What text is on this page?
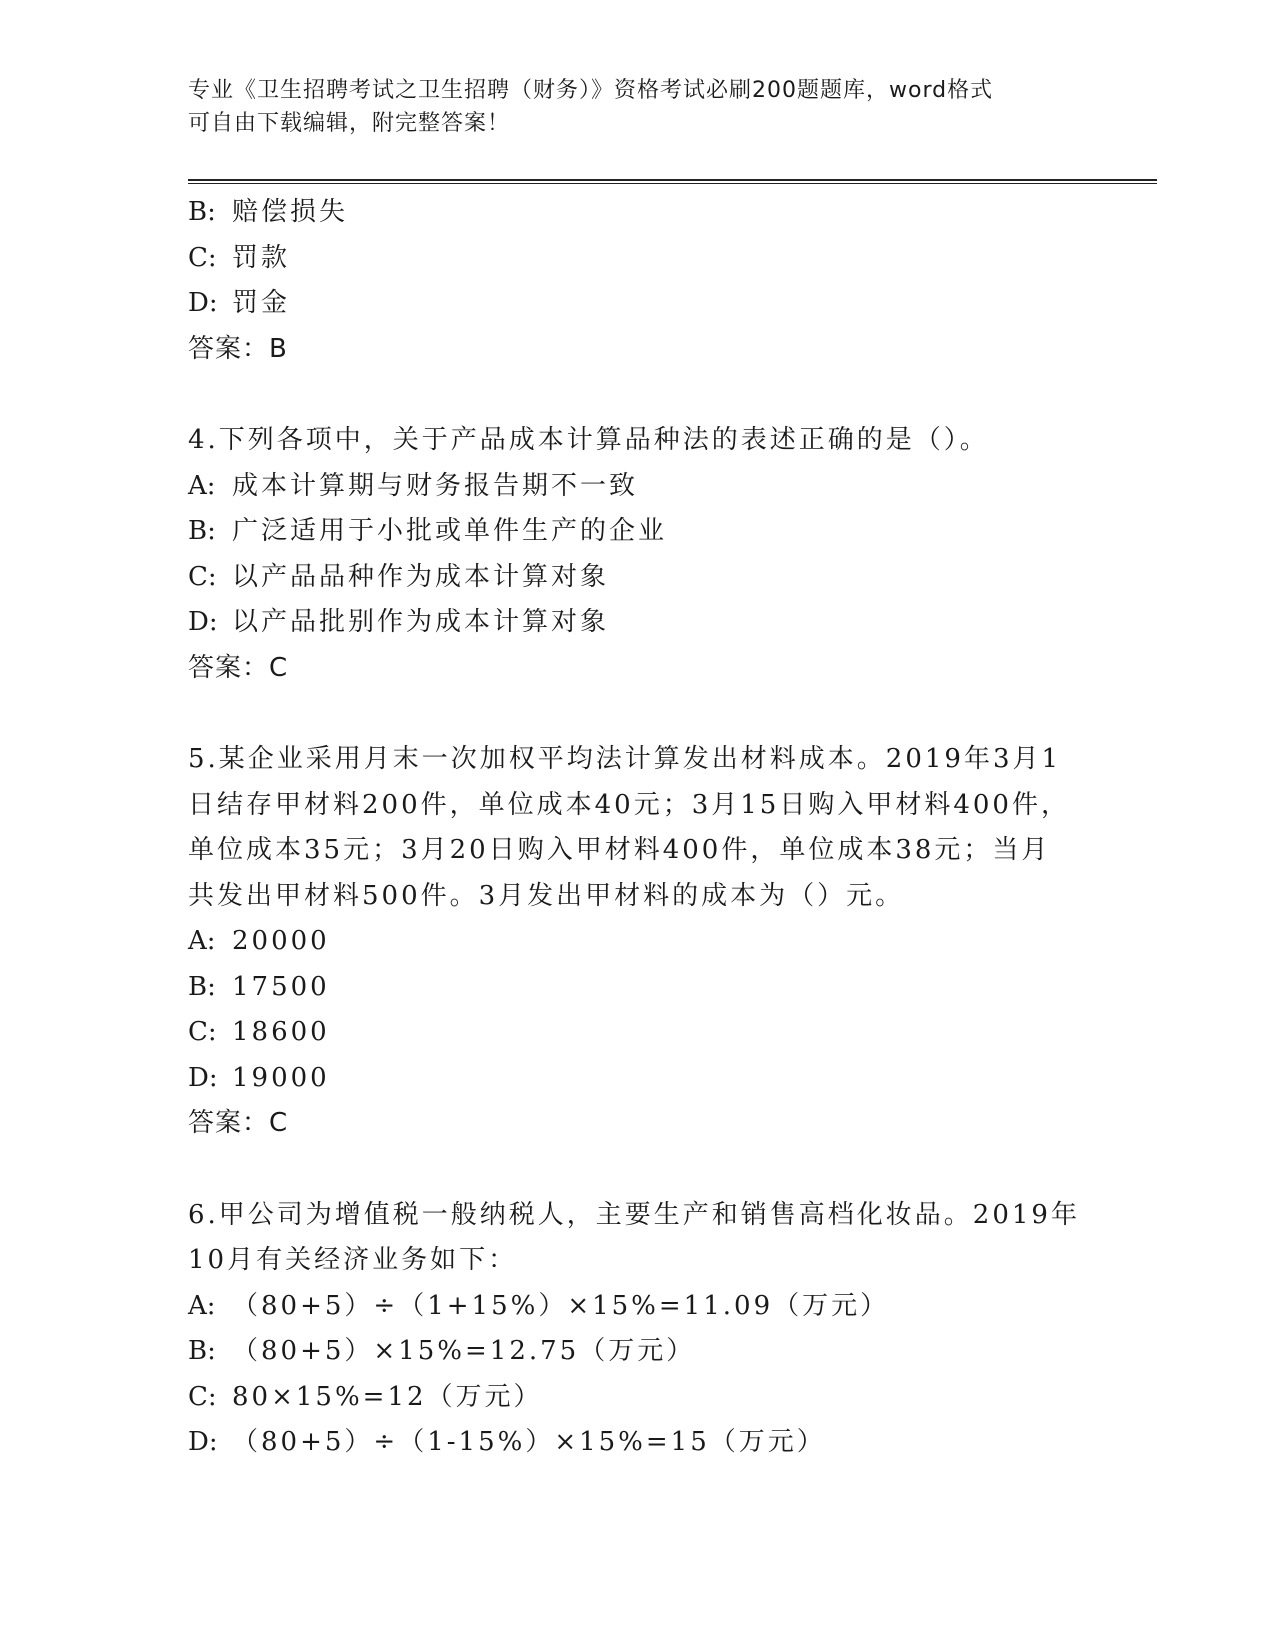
专业《卫生招聘考试之卫生招聘（财务）》资格考试必刷200题题库，word格式
可自由下载编辑，附完整答案！
B: 赔偿损失
C: 罚款
D: 罚金
答案：B
4.下列各项中，关于产品成本计算品种法的表述正确的是（）。
A: 成本计算期与财务报告期不一致
B: 广泛适用于小批或单件生产的企业
C: 以产品品种作为成本计算对象
D: 以产品批别作为成本计算对象
答案：C
5.某企业采用月末一次加权平均法计算发出材料成本。2019年3月1
日结存甲材料200件，单位成本40元；3月15日购入甲材料400件，
单位成本35元；3月20日购入甲材料400件，单位成本38元；当月
共发出甲材料500件。3月发出甲材料的成本为（）元。
A: 20000
B: 17500
C: 18600
D: 19000
答案：C
6.甲公司为增值税一般纳税人，主要生产和销售高档化妆品。2019年
10月有关经济业务如下：
A: （80+5）÷（1+15%）×15%=11.09（万元）
B: （80+5）×15%=12.75（万元）
C: 80×15%=12（万元）
D: （80+5）÷（1-15%）×15%=15（万元）
